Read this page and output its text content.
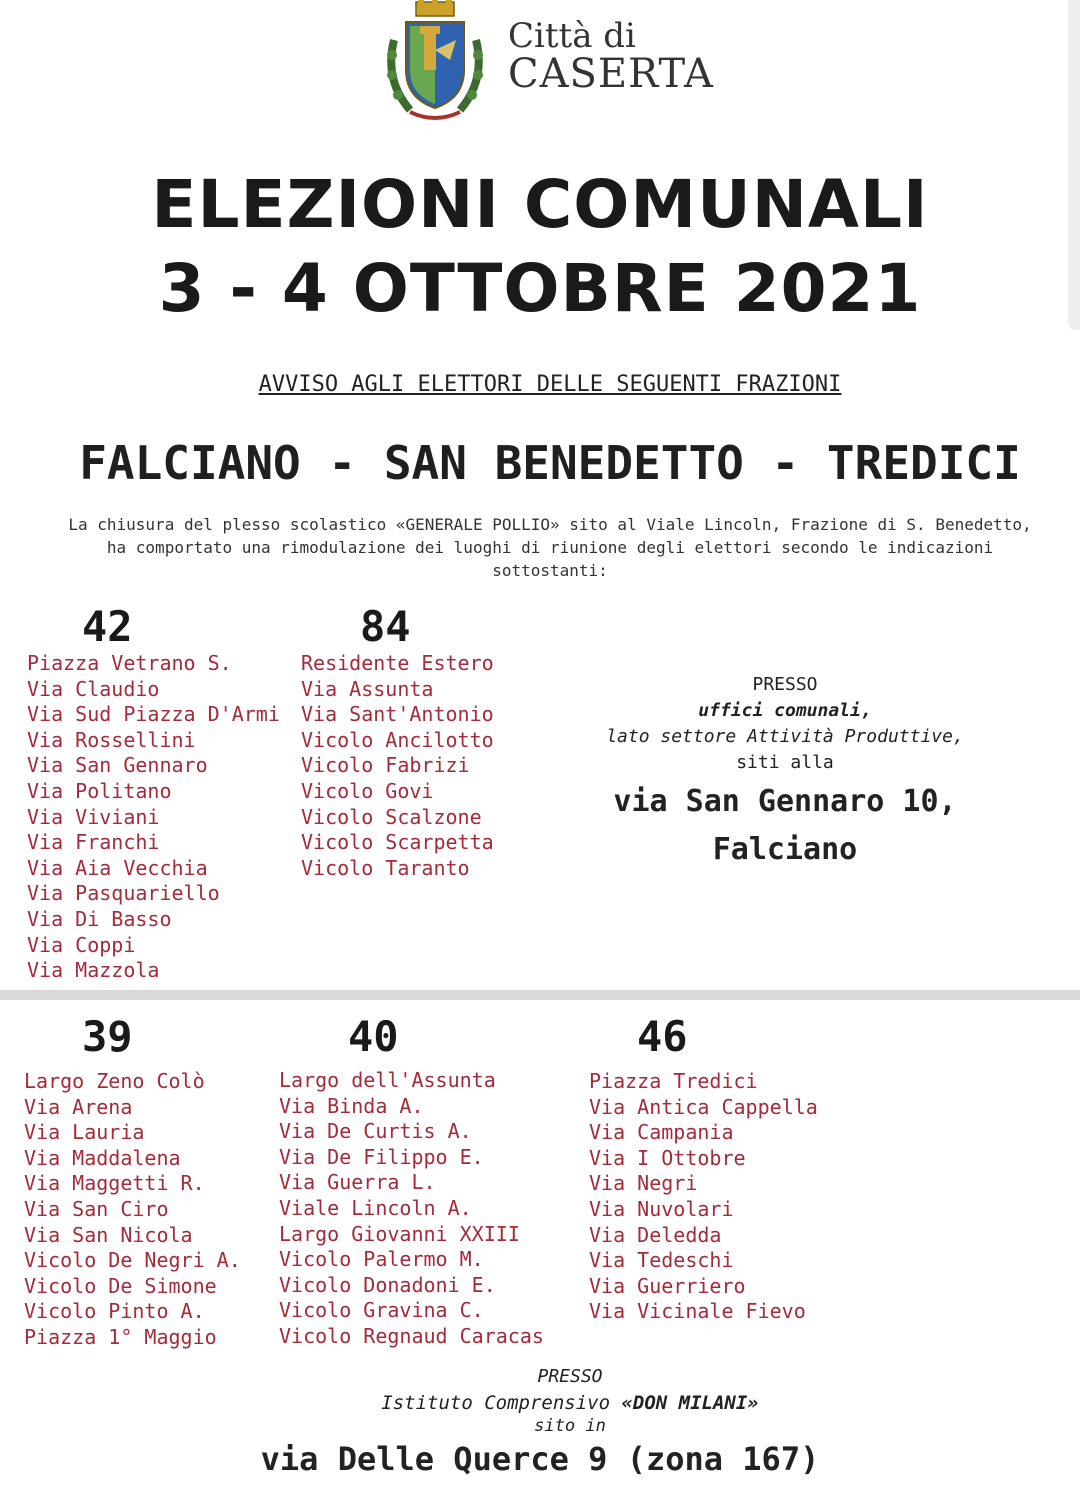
Città di
CASERTA
ELEZIONI COMUNALI
3 - 4 OTTOBRE 2021
AVVISO AGLI ELETTORI DELLE SEGUENTI FRAZIONI
FALCIANO - SAN BENEDETTO - TREDICI
La chiusura del plesso scolastico «GENERALE POLLIO» sito al Viale Lincoln, Frazione di S. Benedetto,
ha comportato una rimodulazione dei luoghi di riunione degli elettori secondo le indicazioni
sottostanti:
42
Piazza Vetrano S.
Via Claudio
Via Sud Piazza D'Armi
Via Rossellini
Via San Gennaro
Via Politano
Via Viviani
Via Franchi
Via Aia Vecchia
Via Pasquariello
Via Di Basso
Via Coppi
Via Mazzola
84
Residente Estero
Via Assunta
Via Sant'Antonio
Vicolo Ancilotto
Vicolo Fabrizi
Vicolo Govi
Vicolo Scalzone
Vicolo Scarpetta
Vicolo Taranto
PRESSO
uffici comunali,
lato settore Attività Produttive,
siti alla
via San Gennaro 10,
Falciano
39
Largo Zeno Colò
Via Arena
Via Lauria
Via Maddalena
Via Maggetti R.
Via San Ciro
Via San Nicola
Vicolo De Negri A.
Vicolo De Simone
Vicolo Pinto A.
Piazza 1° Maggio
40
Largo dell'Assunta
Via Binda A.
Via De Curtis A.
Via De Filippo E.
Via Guerra L.
Viale Lincoln A.
Largo Giovanni XXIII
Vicolo Palermo M.
Vicolo Donadoni E.
Vicolo Gravina C.
Vicolo Regnaud Caracas
46
Piazza Tredici
Via Antica Cappella
Via Campania
Via I Ottobre
Via Negri
Via Nuvolari
Via Deledda
Via Tedeschi
Via Guerriero
Via Vicinale Fievo
PRESSO
Istituto Comprensivo «DON MILANI»
sito in
via Delle Querce 9 (zona 167)
